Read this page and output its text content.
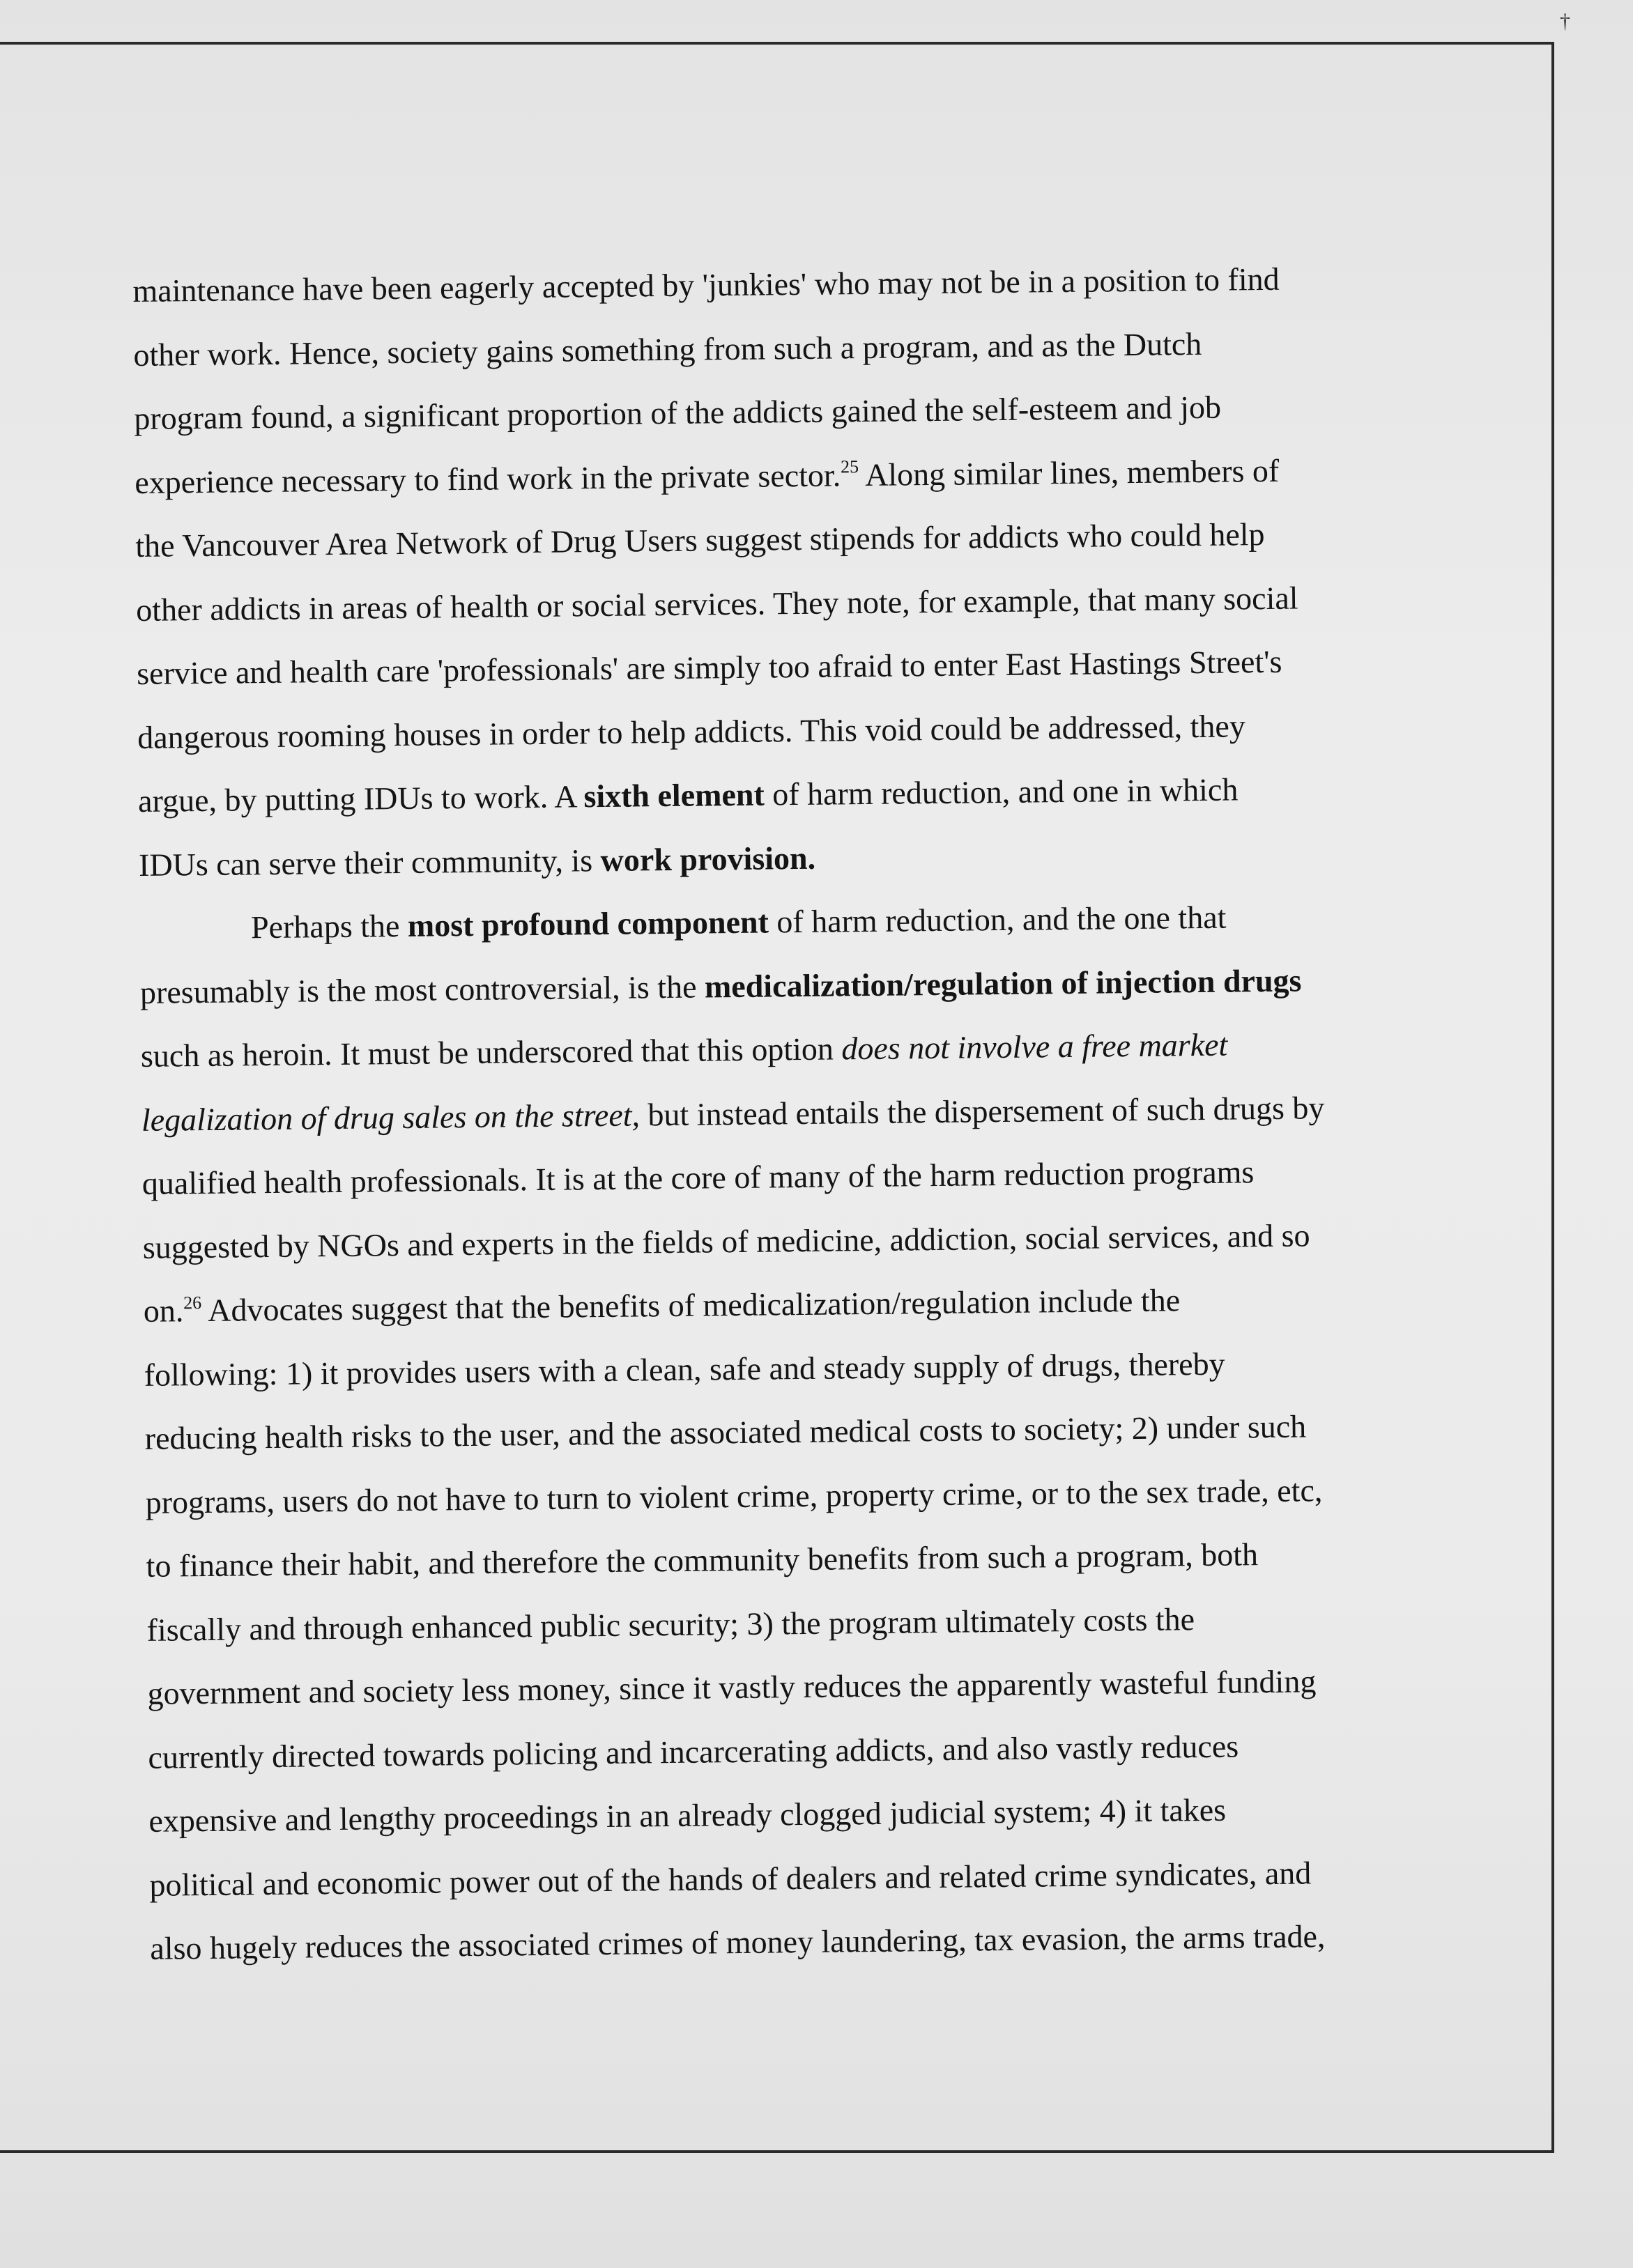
†
maintenance have been eagerly accepted by 'junkies' who may not be in a position to find
other work. Hence, society gains something from such a program, and as the Dutch
program found, a significant proportion of the addicts gained the self-esteem and job
experience necessary to find work in the private sector.$^{25}$ Along similar lines, members of
the Vancouver Area Network of Drug Users suggest stipends for addicts who could help
other addicts in areas of health or social services. They note, for example, that many social
service and health care 'professionals' are simply too afraid to enter East Hastings Street's
dangerous rooming houses in order to help addicts. This void could be addressed, they
argue, by putting IDUs to work. A sixth element of harm reduction, and one in which
IDUs can serve their community, is work provision.
Perhaps the most profound component of harm reduction, and the one that
presumably is the most controversial, is the medicalization/regulation of injection drugs
such as heroin. It must be underscored that this option does not involve a free market
legalization of drug sales on the street, but instead entails the dispersement of such drugs by
qualified health professionals. It is at the core of many of the harm reduction programs
suggested by NGOs and experts in the fields of medicine, addiction, social services, and so
on.$^{26}$ Advocates suggest that the benefits of medicalization/regulation include the
following: 1) it provides users with a clean, safe and steady supply of drugs, thereby
reducing health risks to the user, and the associated medical costs to society; 2) under such
programs, users do not have to turn to violent crime, property crime, or to the sex trade, etc,
to finance their habit, and therefore the community benefits from such a program, both
fiscally and through enhanced public security; 3) the program ultimately costs the
government and society less money, since it vastly reduces the apparently wasteful funding
currently directed towards policing and incarcerating addicts, and also vastly reduces
expensive and lengthy proceedings in an already clogged judicial system; 4) it takes
political and economic power out of the hands of dealers and related crime syndicates, and
also hugely reduces the associated crimes of money laundering, tax evasion, the arms trade,
